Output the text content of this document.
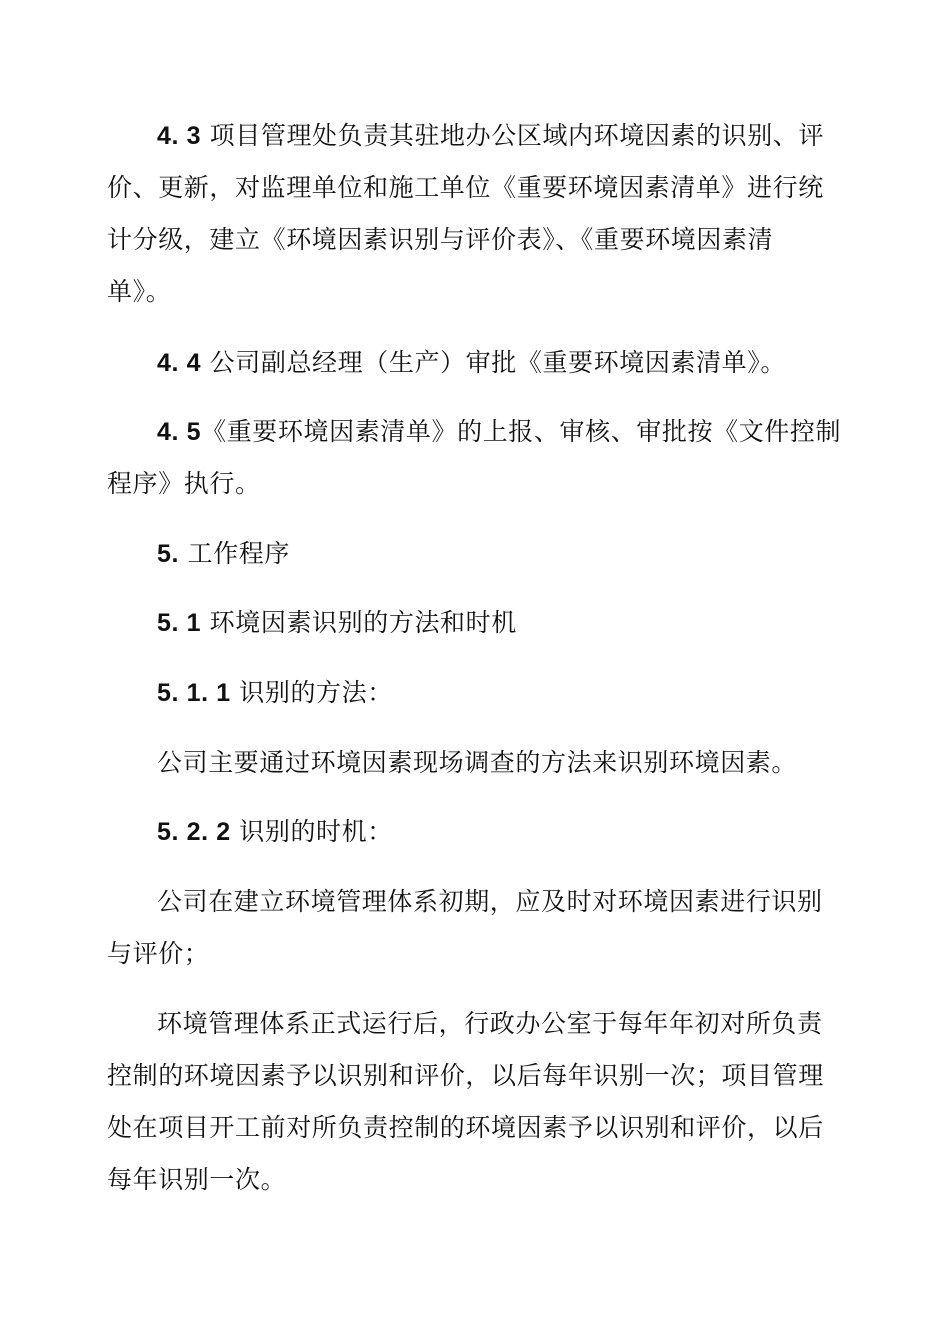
4. 3 项目管理处负责其驻地办公区域内环境因素的识别、评
价、更新，对监理单位和施工单位《重要环境因素清单》进行统
计分级，建立《环境因素识别与评价表》、《重要环境因素清
单》。
4. 4 公司副总经理（生产）审批《重要环境因素清单》。
4. 5《重要环境因素清单》的上报、审核、审批按《文件控制
程序》执行。
5. 工作程序
5. 1 环境因素识别的方法和时机
5. 1. 1 识别的方法：
公司主要通过环境因素现场调查的方法来识别环境因素。
5. 2. 2 识别的时机：
公司在建立环境管理体系初期，应及时对环境因素进行识别
与评价；
环境管理体系正式运行后，行政办公室于每年年初对所负责
控制的环境因素予以识别和评价，以后每年识别一次；项目管理
处在项目开工前对所负责控制的环境因素予以识别和评价，以后
每年识别一次。
